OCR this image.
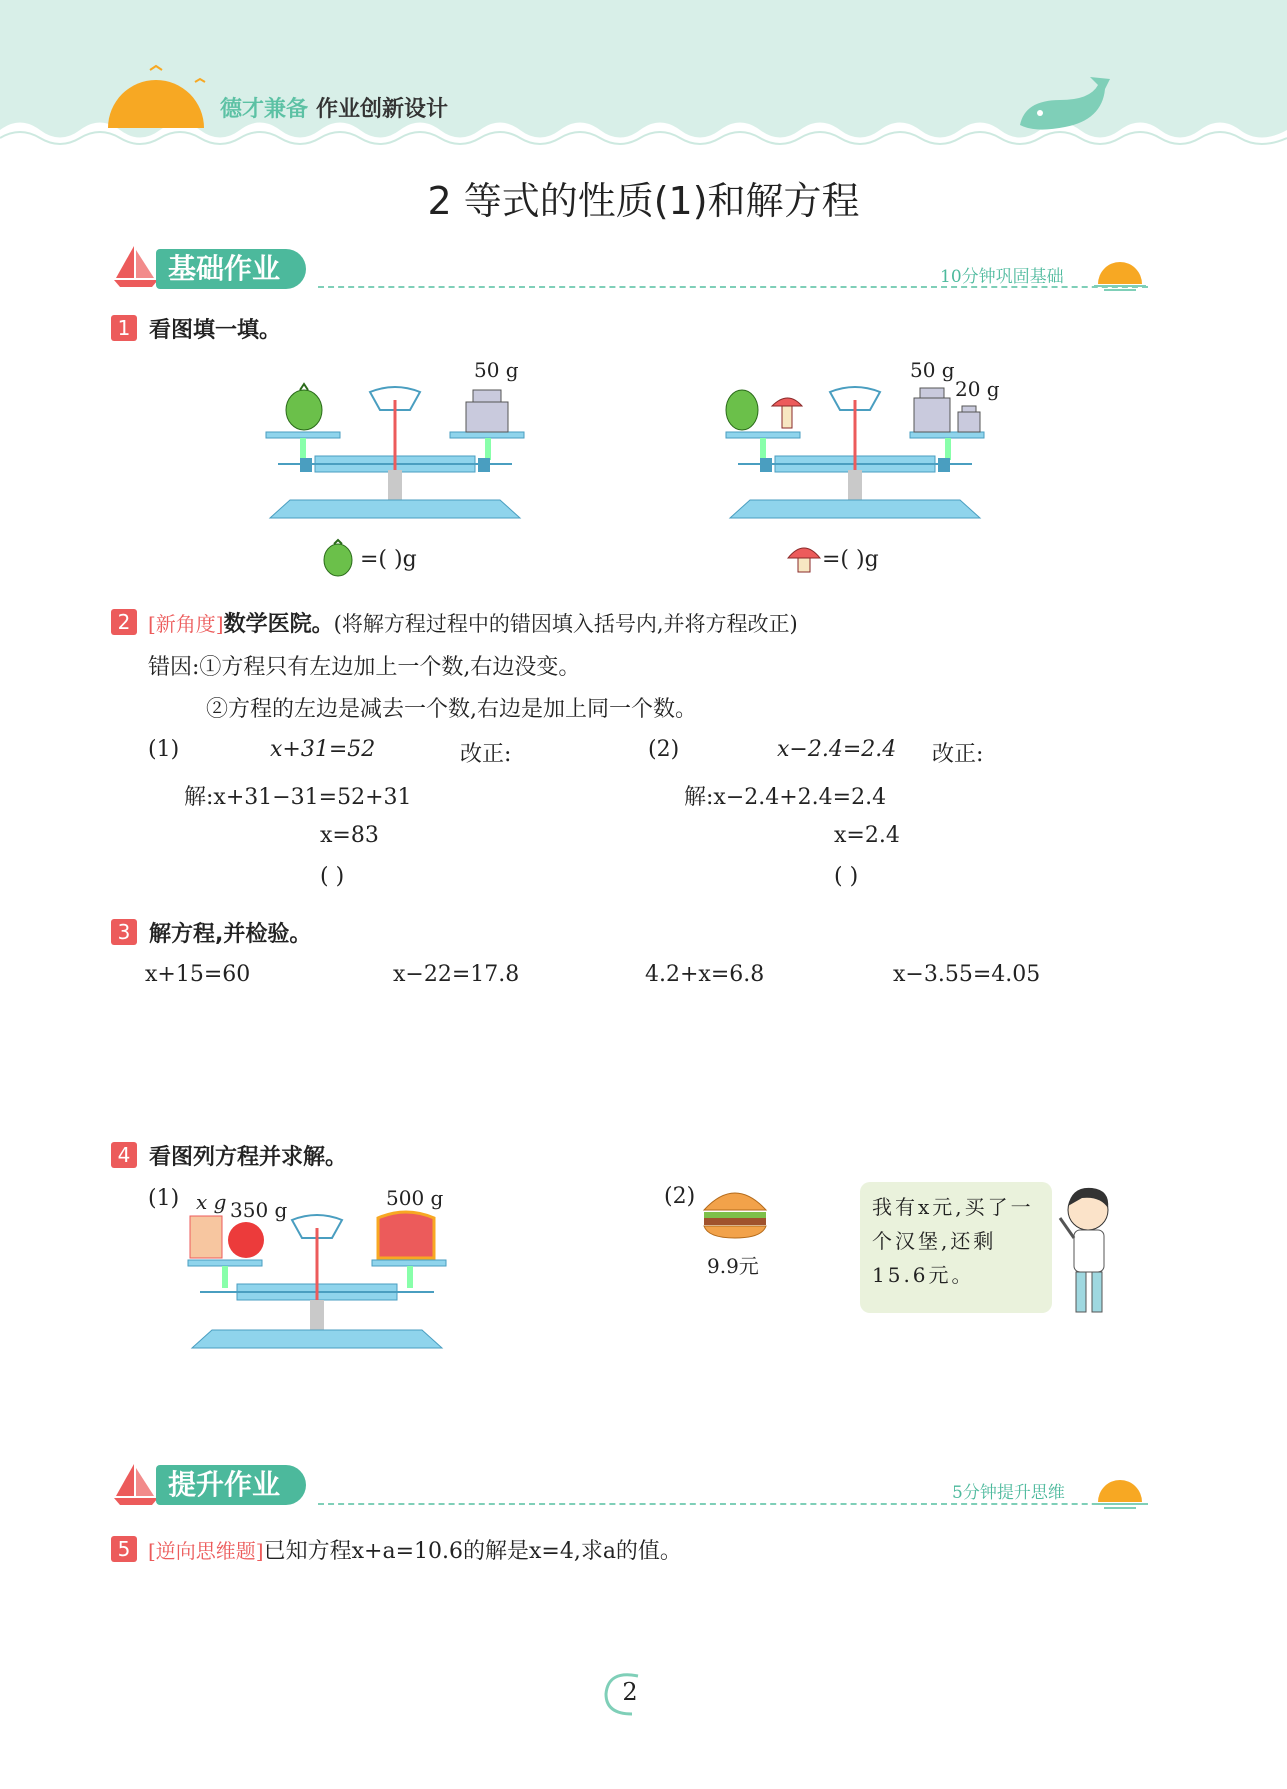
德才兼备 作业创新设计
2 等式的性质(1)和解方程
基础作业	10分钟巩固基础
1 看图填一填。
50 g
=( )g
50 g
20 g
=( )g
2 [新角度]数学医院。(将解方程过程中的错因填入括号内,并将方程改正)
错因:①方程只有左边加上一个数,右边没变。
②方程的左边是减去一个数,右边是加上同一个数。
(1)	x+31=52	改正:
解:x+31−31=52+31
x=83
( )
(2)	x−2.4=2.4 改正:
解:x−2.4+2.4=2.4
x=2.4
( )
3 解方程,并检验。
x+15=60	x−22=17.8	4.2+x=6.8	x−3.55=4.05
4 看图列方程并求解。
(1) x g 350 g	500 g	(2)
9.9元
我有x元,买了一个汉堡,还剩15.6元。
提升作业	5分钟提升思维
5 [逆向思维题]已知方程x+a=10.6的解是x=4,求a的值。
2
